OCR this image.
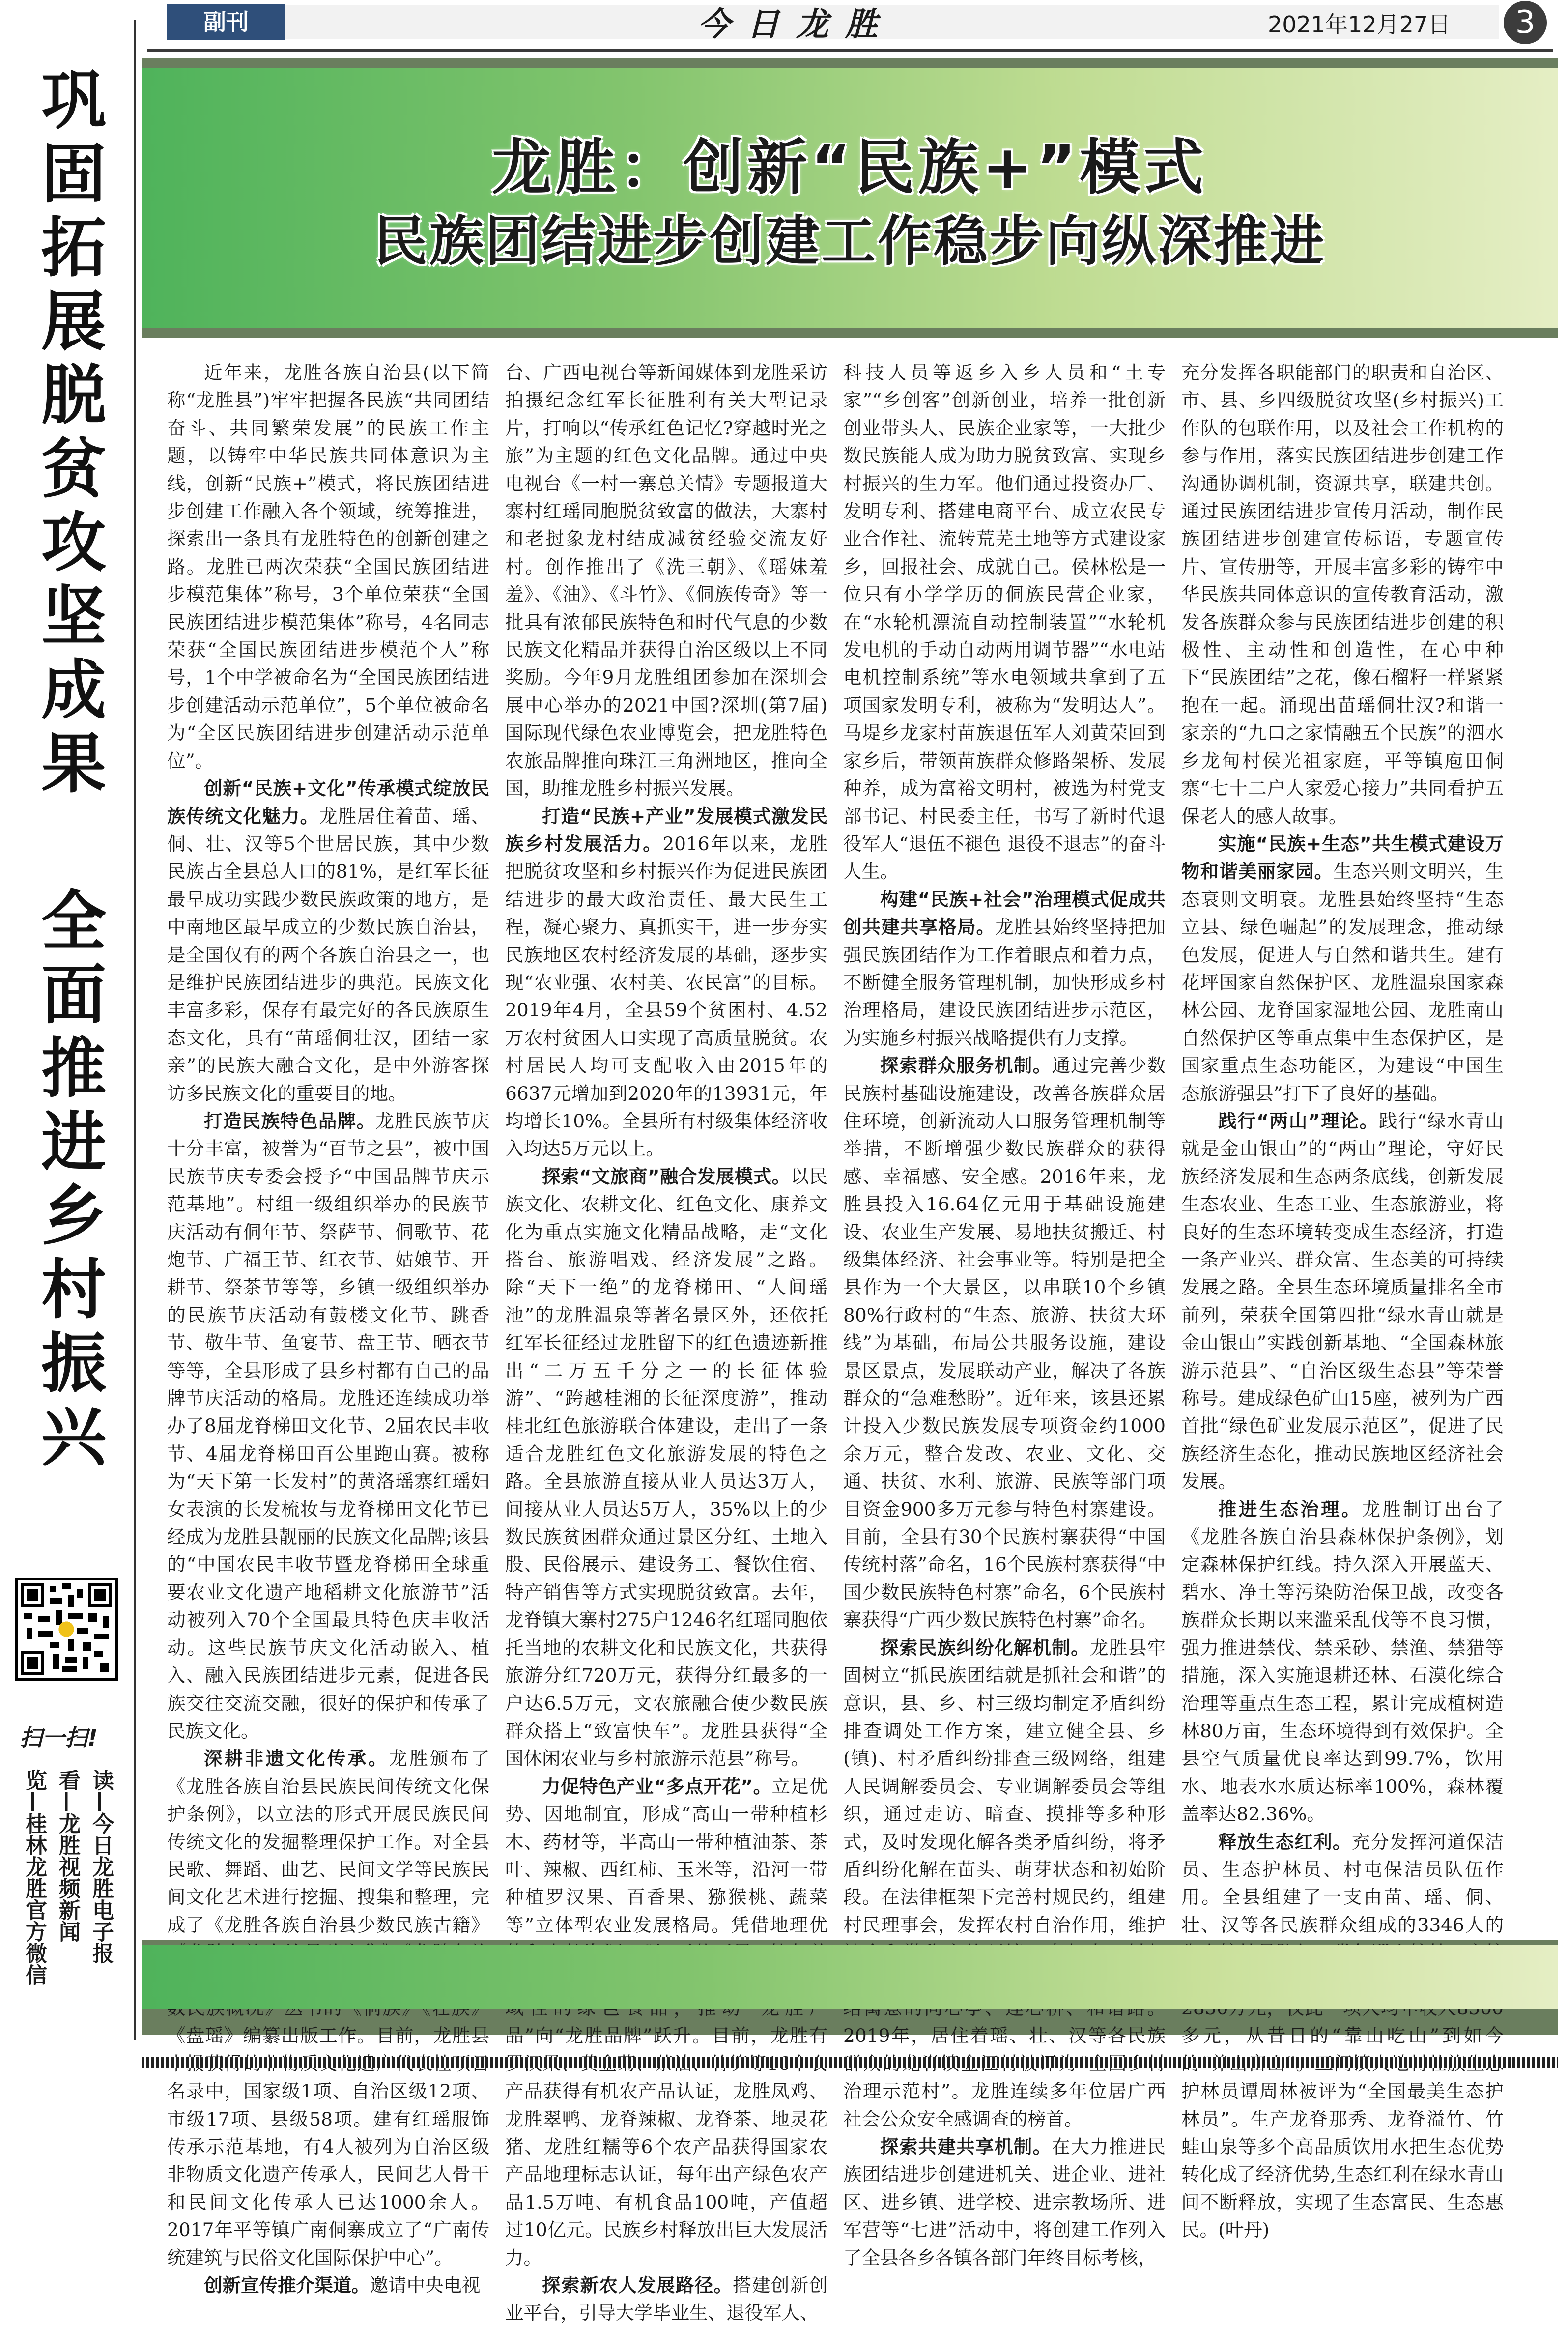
巩固拓展脱贫攻坚成果
全面推进乡村振兴
扫一扫!
读—今日龙胜电子报
看—龙胜视频新闻
览—桂林龙胜官方微信
副刊	今日龙胜	2021年12月27日	3
龙胜：创新“民族+”模式
民族团结进步创建工作稳步向纵深推进

近年来，龙胜各族自治县(以下简称“龙胜县”)牢牢把握各民族“共同团结奋斗、共同繁荣发展”的民族工作主题，以铸牢中华民族共同体意识为主线，创新“民族+”模式，将民族团结进步创建工作融入各个领域，统筹推进，探索出一条具有龙胜特色的创新创建之路。龙胜已两次荣获“全国民族团结进步模范集体”称号，3个单位荣获“全国民族团结进步模范集体”称号，4名同志荣获“全国民族团结进步模范个人”称号，1个中学被命名为“全国民族团结进步创建活动示范单位”，5个单位被命名为“全区民族团结进步创建活动示范单位”。

创新“民族+文化”传承模式绽放民族传统文化魅力。龙胜居住着苗、瑶、侗、壮、汉等5个世居民族，其中少数民族占全县总人口的81%，是红军长征最早成功实践少数民族政策的地方，是中南地区最早成立的少数民族自治县，是全国仅有的两个各族自治县之一，也是维护民族团结进步的典范。民族文化丰富多彩，保存有最完好的各民族原生态文化，具有“苗瑶侗壮汉，团结一家亲”的民族大融合文化，是中外游客探访多民族文化的重要目的地。

打造民族特色品牌。龙胜民族节庆十分丰富，被誉为“百节之县”，被中国民族节庆专委会授予“中国品牌节庆示范基地”。村组一级组织举办的民族节庆活动有侗年节、祭萨节、侗歌节、花炮节、广福王节、红衣节、姑娘节、开耕节、祭茶节等等，乡镇一级组织举办的民族节庆活动有鼓楼文化节、跳香节、敬牛节、鱼宴节、盘王节、晒衣节等等，全县形成了县乡村都有自己的品牌节庆活动的格局。龙胜还连续成功举办了8届龙脊梯田文化节、2届农民丰收节、4届龙脊梯田百公里跑山赛。被称为“天下第一长发村”的黄洛瑶寨红瑶妇女表演的长发梳妆与龙脊梯田文化节已经成为龙胜县靓丽的民族文化品牌;该县的“中国农民丰收节暨龙脊梯田全球重要农业文化遗产地稻耕文化旅游节”活动被列入70个全国最具特色庆丰收活动。这些民族节庆文化活动嵌入、植入、融入民族团结进步元素，促进各民族交往交流交融，很好的保护和传承了民族文化。

深耕非遗文化传承。龙胜颁布了《龙胜各族自治县民族民间传统文化保护条例》，以立法的形式开展民族民间传统文化的发掘整理保护工作。对全县民歌、舞蹈、曲艺、民间文学等民族民间文化艺术进行挖掘、搜集和整理，完成了《龙胜各族自治县少数民族古籍》 《盘瑶》编纂出版工作。目前，龙胜县 名录中，国家级1项、自治区级12项、市级17项、县级58项。建有红瑶服饰传承示范基地，有4人被列为自治区级非物质文化遗产传承人，民间艺人骨干和民间文化传承人已达1000余人。2017年平等镇广南侗寨成立了“广南传统建筑与民俗文化国际保护中心”。

创新宣传推介渠道。邀请中央电视

台、广西电视台等新闻媒体到龙胜采访拍摄纪念红军长征胜利有关大型记录片，打响以“传承红色记忆?穿越时光之旅”为主题的红色文化品牌。通过中央电视台《一村一寨总关情》专题报道大寨村红瑶同胞脱贫致富的做法，大寨村和老挝象龙村结成减贫经验交流友好村。创作推出了《洗三朝》、《瑶妹羞羞》、《油》、《斗竹》、《侗族传奇》等一批具有浓郁民族特色和时代气息的少数民族文化精品并获得自治区级以上不同奖励。今年9月龙胜组团参加在深圳会展中心举办的2021中国?深圳(第7届)国际现代绿色农业博览会，把龙胜特色农旅品牌推向珠江三角洲地区，推向全国，助推龙胜乡村振兴发展。

打造“民族+产业”发展模式激发民族乡村发展活力。2016年以来，龙胜把脱贫攻坚和乡村振兴作为促进民族团结进步的最大政治责任、最大民生工程，凝心聚力、真抓实干，进一步夯实民族地区农村经济发展的基础，逐步实现“农业强、农村美、农民富”的目标。2019年4月，全县59个贫困村、4.52万农村贫困人口实现了高质量脱贫。农村居民人均可支配收入由2015年的6637元增加到2020年的13931元，年均增长10%。全县所有村级集体经济收入均达5万元以上。

探索“文旅商”融合发展模式。以民族文化、农耕文化、红色文化、康养文化为重点实施文化精品战略，走“文化搭台、旅游唱戏、经济发展”之路。除“天下一绝”的龙脊梯田、“人间瑶池”的龙胜温泉等著名景区外，还依托红军长征经过龙胜留下的红色遗迹新推出“二万五千分之一的长征体验游”、“跨越桂湘的长征深度游”，推动桂北红色旅游联合体建设，走出了一条适合龙胜红色文化旅游发展的特色之路。全县旅游直接从业人员达3万人，间接从业人员达5万人，35%以上的少数民族贫困群众通过景区分红、土地入股、民俗展示、建设务工、餐饮住宿、特产销售等方式实现脱贫致富。去年，龙脊镇大寨村275户1246名红瑶同胞依托当地的农耕文化和民族文化，共获得旅游分红720万元，获得分红最多的一户达6.5万元，文农旅融合使少数民族群众搭上“致富快车”。龙胜县获得“全国休闲农业与乡村旅游示范县”称号。

力促特色产业“多点开花”。立足优势、因地制宜，形成“高山一带种植杉木、药材等，半高山一带种植油茶、茶叶、辣椒、西红柿、玉米等，沿河一带种植罗汉果、百香果、猕猴桃、蔬菜等”立体型农业发展格局。凭借地理优 品”向“龙胜品牌”跃升。目前，龙胜有 产品获得有机农产品认证，龙胜凤鸡、龙胜翠鸭、龙脊辣椒、龙脊茶、地灵花猪、龙胜红糯等6个农产品获得国家农产品地理标志认证，每年出产绿色农产品1.5万吨、有机食品100吨，产值超过10亿元。民族乡村释放出巨大发展活力。

探索新农人发展路径。搭建创新创业平台，引导大学毕业生、退役军人、

科技人员等返乡入乡人员和“土专家”“乡创客”创新创业，培养一批创新创业带头人、民族企业家等，一大批少数民族能人成为助力脱贫致富、实现乡村振兴的生力军。他们通过投资办厂、发明专利、搭建电商平台、成立农民专业合作社、流转荒芜土地等方式建设家乡，回报社会、成就自己。侯林松是一位只有小学学历的侗族民营企业家，在“水轮机漂流自动控制装置”“水轮机发电机的手动自动两用调节器”“水电站电机控制系统”等水电领域共拿到了五项国家发明专利，被称为“发明达人”。马堤乡龙家村苗族退伍军人刘黄荣回到家乡后，带领苗族群众修路架桥、发展种养，成为富裕文明村，被选为村党支部书记、村民委主任，书写了新时代退役军人“退伍不褪色 退役不退志”的奋斗人生。

构建“民族+社会”治理模式促成共创共建共享格局。龙胜县始终坚持把加强民族团结作为工作着眼点和着力点，不断健全服务管理机制，加快形成乡村治理格局，建设民族团结进步示范区，为实施乡村振兴战略提供有力支撑。

探索群众服务机制。通过完善少数民族村基础设施建设，改善各族群众居住环境，创新流动人口服务管理机制等举措，不断增强少数民族群众的获得感、幸福感、安全感。2016年来，龙胜县投入16.64亿元用于基础设施建设、农业生产发展、易地扶贫搬迁、村级集体经济、社会事业等。特别是把全县作为一个大景区，以串联10个乡镇80%行政村的“生态、旅游、扶贫大环线”为基础，布局公共服务设施，建设景区景点，发展联动产业，解决了各族群众的“急难愁盼”。近年来，该县还累计投入少数民族发展专项资金约1000余万元，整合发改、农业、文化、交通、扶贫、水利、旅游、民族等部门项目资金900多万元参与特色村寨建设。目前，全县有30个民族村寨获得“中国传统村落”命名，16个民族村寨获得“中国少数民族特色村寨”命名，6个民族村寨获得“广西少数民族特色村寨”命名。

探索民族纠纷化解机制。龙胜县牢固树立“抓民族团结就是抓社会和谐”的意识，县、乡、村三级均制定矛盾纠纷排查调处工作方案，建立健全县、乡(镇)、村矛盾纠纷排查三级网络，组建人民调解委员会、专业调解委员会等组织，通过走访、暗查、摸排等多种形式，及时发现化解各类矛盾纠纷，将矛盾纠纷化解在苗头、萌芽状态和初始阶段。在法律框架下完善村规民约，组建村民理事会，发挥农村自治作用，维护 2019年，居住着瑶、壮、汉等各民族 治理示范村”。龙胜连续多年位居广西社会公众安全感调查的榜首。

探索共建共享机制。在大力推进民族团结进步创建进机关、进企业、进社区、进乡镇、进学校、进宗教场所、进军营等“七进”活动中，将创建工作列入了全县各乡各镇各部门年终目标考核，

充分发挥各职能部门的职责和自治区、市、县、乡四级脱贫攻坚(乡村振兴)工作队的包联作用，以及社会工作机构的参与作用，落实民族团结进步创建工作沟通协调机制，资源共享，联建共创。通过民族团结进步宣传月活动，制作民族团结进步创建宣传标语，专题宣传片、宣传册等，开展丰富多彩的铸牢中华民族共同体意识的宣传教育活动，激发各族群众参与民族团结进步创建的积极性、主动性和创造性，在心中种下“民族团结”之花，像石榴籽一样紧紧抱在一起。涌现出苗瑶侗壮汉?和谐一家亲的“九口之家情融五个民族”的泗水乡龙甸村侯光祖家庭，平等镇庖田侗寨“七十二户人家爱心接力”共同看护五保老人的感人故事。

实施“民族+生态”共生模式建设万物和谐美丽家园。生态兴则文明兴，生态衰则文明衰。龙胜县始终坚持“生态立县、绿色崛起”的发展理念，推动绿色发展，促进人与自然和谐共生。建有花坪国家自然保护区、龙胜温泉国家森林公园、龙脊国家湿地公园、龙胜南山自然保护区等重点集中生态保护区，是国家重点生态功能区，为建设“中国生态旅游强县”打下了良好的基础。

践行“两山”理论。践行“绿水青山就是金山银山”的“两山”理论，守好民族经济发展和生态两条底线，创新发展生态农业、生态工业、生态旅游业，将良好的生态环境转变成生态经济，打造一条产业兴、群众富、生态美的可持续发展之路。全县生态环境质量排名全市前列，荣获全国第四批“绿水青山就是金山银山”实践创新基地、“全国森林旅游示范县”、“自治区级生态县”等荣誉称号。建成绿色矿山15座，被列为广西首批“绿色矿业发展示范区”，促进了民族经济生态化，推动民族地区经济社会发展。

推进生态治理。龙胜制订出台了《龙胜各族自治县森林保护条例》，划定森林保护红线。持久深入开展蓝天、碧水、净土等污染防治保卫战，改变各族群众长期以来滥采乱伐等不良习惯，强力推进禁伐、禁采砂、禁渔、禁猎等措施，深入实施退耕还林、石漠化综合治理等重点生态工程，累计完成植树造林80万亩，生态环境得到有效保护。全县空气质量优良率达到99.7%，饮用水、地表水水质达标率100%，森林覆盖率达82.36%。

释放生态红利。充分发挥河道保洁员、生态护林员、村屯保洁员队伍作用。全县组建了一支由苗、瑶、侗、壮、汉等各民族群众组成的3346人的 多元，从昔日的“靠山吃山”到如今 护林员谭周林被评为“全国最美生态护林员”。生产龙脊那秀、龙脊溢竹、竹蛙山泉等多个高品质饮用水把生态优势转化成了经济优势,生态红利在绿水青山间不断释放，实现了生态富民、生态惠民。(叶丹)
